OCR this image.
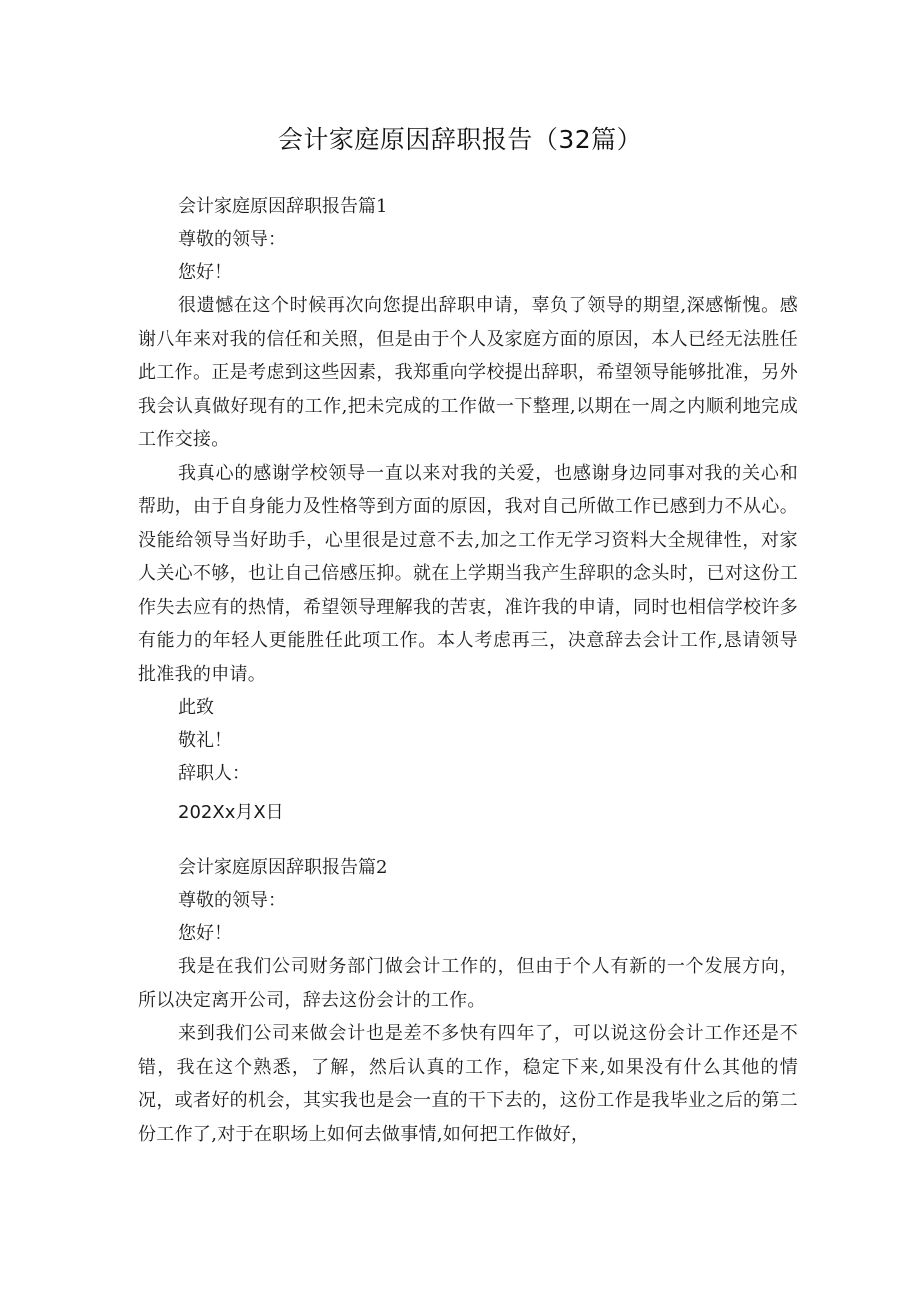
会计家庭原因辞职报告（32篇）

会计家庭原因辞职报告篇1

尊敬的领导：

您好！

很遗憾在这个时候再次向您提出辞职申请，辜负了领导的期望,深感惭愧。感谢八年来对我的信任和关照，但是由于个人及家庭方面的原因，本人已经无法胜任此工作。正是考虑到这些因素，我郑重向学校提出辞职，希望领导能够批准，另外我会认真做好现有的工作,把未完成的工作做一下整理,以期在一周之内顺利地完成工作交接。

我真心的感谢学校领导一直以来对我的关爱，也感谢身边同事对我的关心和帮助，由于自身能力及性格等到方面的原因，我对自己所做工作已感到力不从心。没能给领导当好助手，心里很是过意不去,加之工作无学习资料大全规律性，对家人关心不够，也让自己倍感压抑。就在上学期当我产生辞职的念头时，已对这份工作失去应有的热情，希望领导理解我的苦衷，准许我的申请，同时也相信学校许多有能力的年轻人更能胜任此项工作。本人考虑再三，决意辞去会计工作,恳请领导批准我的申请。

此致

敬礼！

辞职人：

202Xx月X日

会计家庭原因辞职报告篇2

尊敬的领导：

您好！

我是在我们公司财务部门做会计工作的，但由于个人有新的一个发展方向，所以决定离开公司，辞去这份会计的工作。

来到我们公司来做会计也是差不多快有四年了，可以说这份会计工作还是不错，我在这个熟悉，了解，然后认真的工作，稳定下来,如果没有什么其他的情况，或者好的机会，其实我也是会一直的干下去的，这份工作是我毕业之后的第二份工作了,对于在职场上如何去做事情,如何把工作做好，
